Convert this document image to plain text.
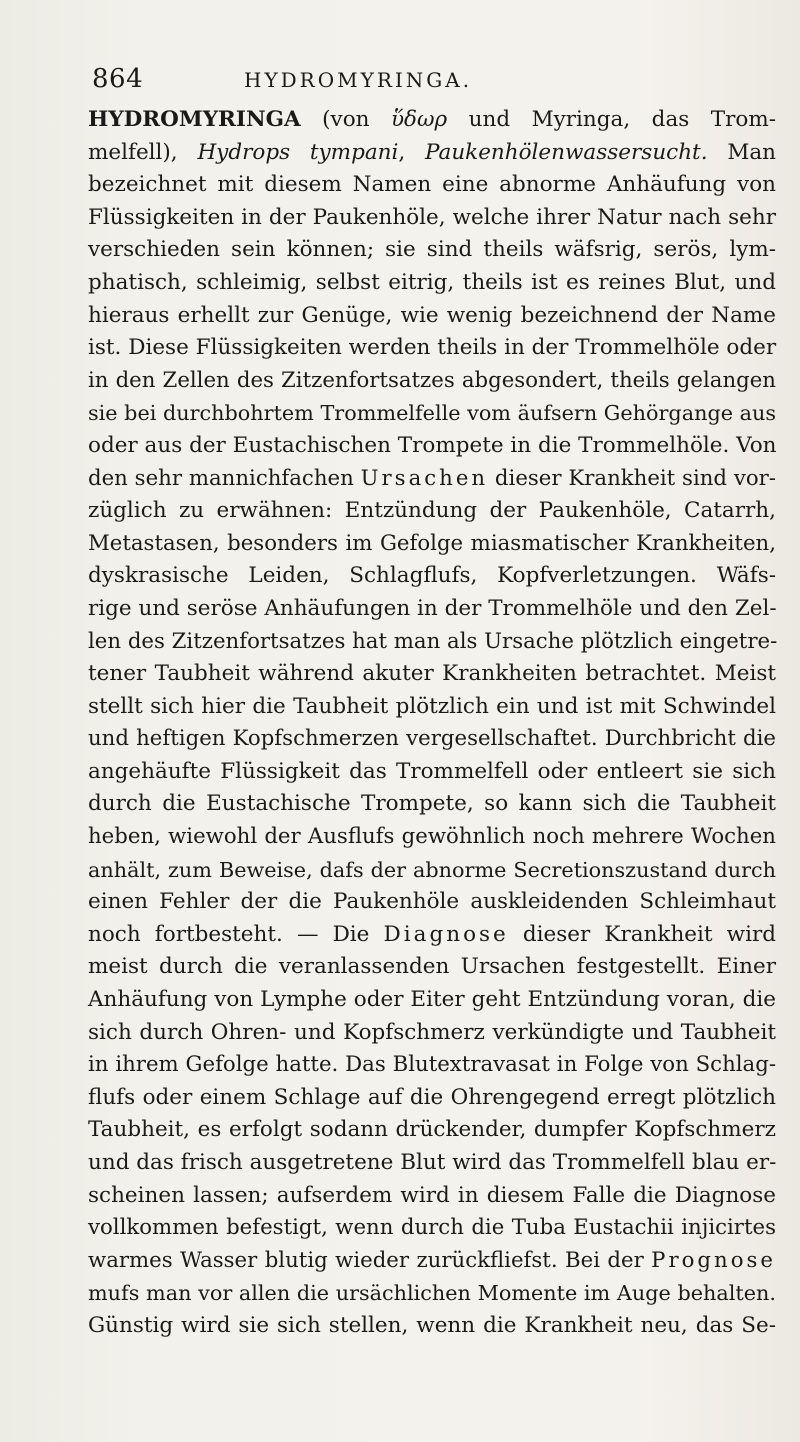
864	HYDROMYRINGA.
HYDROMYRINGA (von ὕδωρ und Myringa, das Trom-
melfell), Hydrops tympani, Paukenhölenwassersucht. Man
bezeichnet mit diesem Namen eine abnorme Anhäufung von
Flüssigkeiten in der Paukenhöle, welche ihrer Natur nach sehr
verschieden sein können; sie sind theils wäfsrig, serös, lym-
phatisch, schleimig, selbst eitrig, theils ist es reines Blut, und
hieraus erhellt zur Genüge, wie wenig bezeichnend der Name
ist. Diese Flüssigkeiten werden theils in der Trommelhöle oder
in den Zellen des Zitzenfortsatzes abgesondert, theils gelangen
sie bei durchbohrtem Trommelfelle vom äufsern Gehörgange aus
oder aus der Eustachischen Trompete in die Trommelhöle. Von
den sehr mannichfachen Ursachen dieser Krankheit sind vor-
züglich zu erwähnen: Entzündung der Paukenhöle, Catarrh,
Metastasen, besonders im Gefolge miasmatischer Krankheiten,
dyskrasische Leiden, Schlagflufs, Kopfverletzungen. Wäfs-
rige und seröse Anhäufungen in der Trommelhöle und den Zel-
len des Zitzenfortsatzes hat man als Ursache plötzlich eingetre-
tener Taubheit während akuter Krankheiten betrachtet. Meist
stellt sich hier die Taubheit plötzlich ein und ist mit Schwindel
und heftigen Kopfschmerzen vergesellschaftet. Durchbricht die
angehäufte Flüssigkeit das Trommelfell oder entleert sie sich
durch die Eustachische Trompete, so kann sich die Taubheit
heben, wiewohl der Ausflufs gewöhnlich noch mehrere Wochen
anhält, zum Beweise, dafs der abnorme Secretionszustand durch
einen Fehler der die Paukenhöle auskleidenden Schleimhaut
noch fortbesteht. — Die Diagnose dieser Krankheit wird
meist durch die veranlassenden Ursachen festgestellt. Einer
Anhäufung von Lymphe oder Eiter geht Entzündung voran, die
sich durch Ohren- und Kopfschmerz verkündigte und Taubheit
in ihrem Gefolge hatte. Das Blutextravasat in Folge von Schlag-
flufs oder einem Schlage auf die Ohrengegend erregt plötzlich
Taubheit, es erfolgt sodann drückender, dumpfer Kopfschmerz
und das frisch ausgetretene Blut wird das Trommelfell blau er-
scheinen lassen; aufserdem wird in diesem Falle die Diagnose
vollkommen befestigt, wenn durch die Tuba Eustachii injicirtes
warmes Wasser blutig wieder zurückfliefst. Bei der Prognose
mufs man vor allen die ursächlichen Momente im Auge behalten.
Günstig wird sie sich stellen, wenn die Krankheit neu, das Se-
